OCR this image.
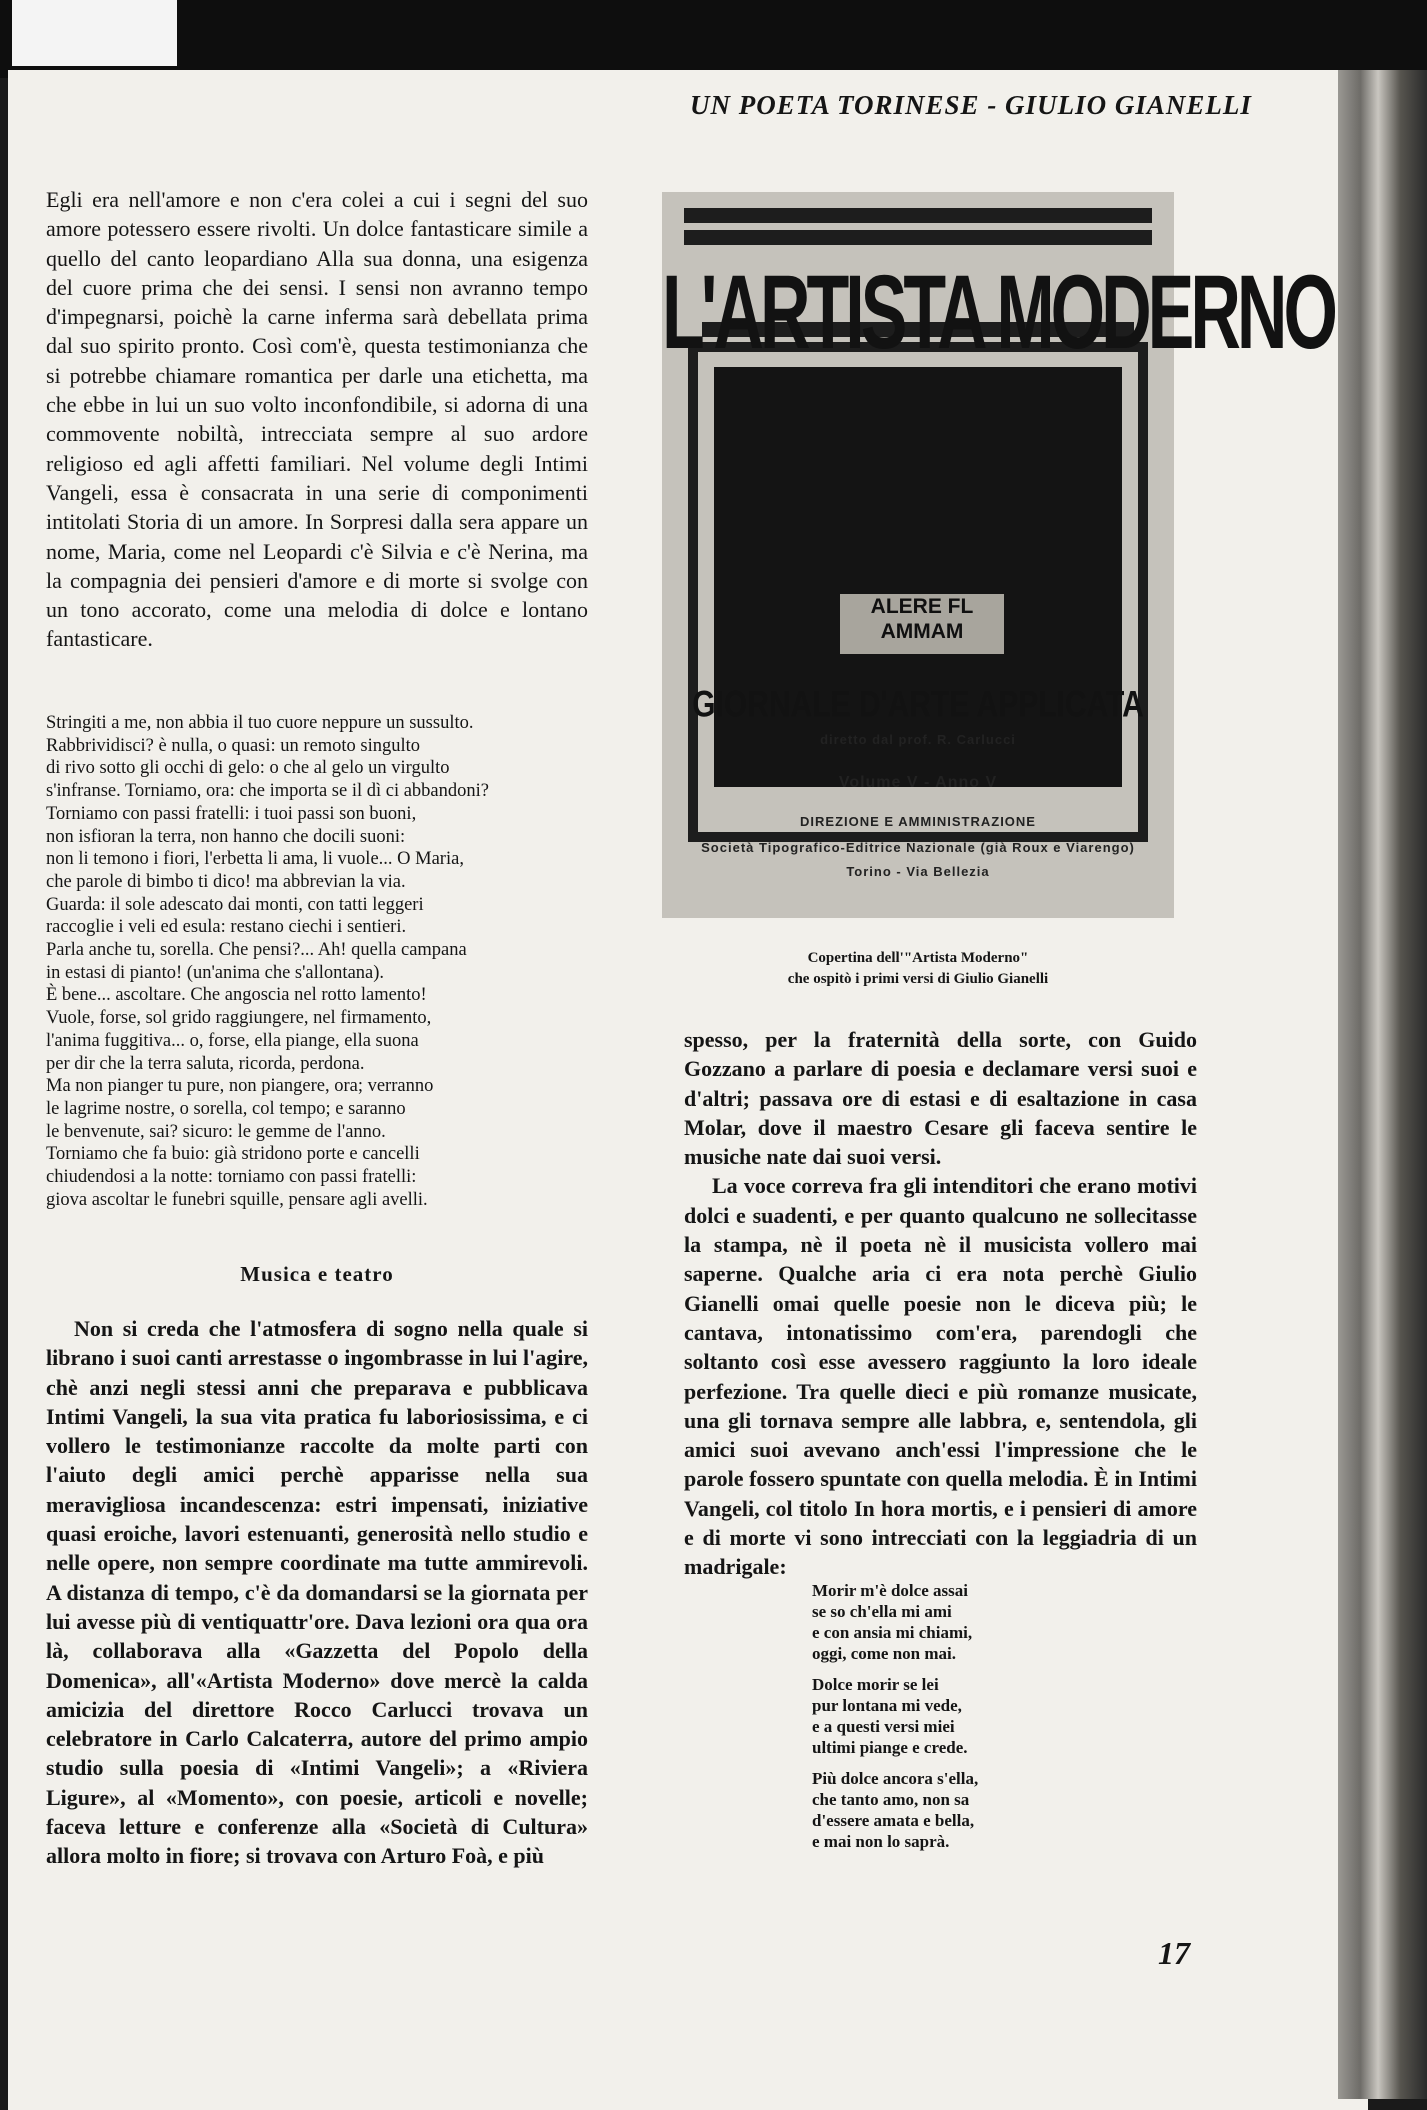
UN POETA TORINESE - GIULIO GIANELLI

Egli era nell'amore e non c'era colei a cui i segni del suo amore potessero essere rivolti. Un dolce fantasticare simile a quello del canto leopardiano Alla sua donna, una esigenza del cuore prima che dei sensi. I sensi non avranno tempo d'impegnarsi, poichè la carne inferma sarà debellata prima dal suo spirito pronto. Così com'è, questa testimonianza che si potrebbe chiamare romantica per darle una etichetta, ma che ebbe in lui un suo volto inconfondibile, si adorna di una commovente nobiltà, intrecciata sempre al suo ardore religioso ed agli affetti familiari. Nel volume degli Intimi Vangeli, essa è consacrata in una serie di componimenti intitolati Storia di un amore. In Sorpresi dalla sera appare un nome, Maria, come nel Leopardi c'è Silvia e c'è Nerina, ma la compagnia dei pensieri d'amore e di morte si svolge con un tono accorato, come una melodia di dolce e lontano fantasticare.

Stringiti a me, non abbia il tuo cuore neppure un sussulto.
Rabbrividisci? è nulla, o quasi: un remoto singulto
di rivo sotto gli occhi di gelo: o che al gelo un virgulto
s'infranse. Torniamo, ora: che importa se il dì ci abbandoni?
Torniamo con passi fratelli: i tuoi passi son buoni,
non isfioran la terra, non hanno che docili suoni:
non li temono i fiori, l'erbetta li ama, li vuole... O Maria,
che parole di bimbo ti dico! ma abbrevian la via.
Guarda: il sole adescato dai monti, con tatti leggeri
raccoglie i veli ed esula: restano ciechi i sentieri.
Parla anche tu, sorella. Che pensi?... Ah! quella campana
in estasi di pianto! (un'anima che s'allontana).
È bene... ascoltare. Che angoscia nel rotto lamento!
Vuole, forse, sol grido raggiungere, nel firmamento,
l'anima fuggitiva... o, forse, ella piange, ella suona
per dir che la terra saluta, ricorda, perdona.
Ma non pianger tu pure, non piangere, ora; verranno
le lagrime nostre, o sorella, col tempo; e saranno
le benvenute, sai? sicuro: le gemme de l'anno.
Torniamo che fa buio: già stridono porte e cancelli
chiudendosi a la notte: torniamo con passi fratelli:
giova ascoltar le funebri squille, pensare agli avelli.
Musica e teatro

Non si creda che l'atmosfera di sogno nella quale si librano i suoi canti arrestasse o ingombrasse in lui l'agire, chè anzi negli stessi anni che preparava e pubblicava Intimi Vangeli, la sua vita pratica fu laboriosissima, e ci vollero le testimonianze raccolte da molte parti con l'aiuto degli amici perchè apparisse nella sua meravigliosa incandescenza: estri impensati, iniziative quasi eroiche, lavori estenuanti, generosità nello studio e nelle opere, non sempre coordinate ma tutte ammirevoli. A distanza di tempo, c'è da domandarsi se la giornata per lui avesse più di ventiquattr'ore. Dava lezioni ora qua ora là, collaborava alla «Gazzetta del Popolo della Domenica», all'«Artista Moderno» dove mercè la calda amicizia del direttore Rocco Carlucci trovava un celebratore in Carlo Calcaterra, autore del primo ampio studio sulla poesia di «Intimi Vangeli»; a «Riviera Ligure», al «Momento», con poesie, articoli e novelle; faceva letture e conferenze alla «Società di Cultura» allora molto in fiore; si trovava con Arturo Foà, e più

L'ARTISTA MODERNO
ALERE FL
AMMAM
GIORNALE D'ARTE APPLICATA
diretto dal prof. R. Carlucci
Volume V - Anno V
DIREZIONE E AMMINISTRAZIONE
Società Tipografico-Editrice Nazionale (già Roux e Viarengo)
Torino - Via Bellezia
Copertina dell'"Artista Moderno"
che ospitò i primi versi di Giulio Gianelli

spesso, per la fraternità della sorte, con Guido Gozzano a parlare di poesia e declamare versi suoi e d'altri; passava ore di estasi e di esaltazione in casa Molar, dove il maestro Cesare gli faceva sentire le musiche nate dai suoi versi.

La voce correva fra gli intenditori che erano motivi dolci e suadenti, e per quanto qualcuno ne sollecitasse la stampa, nè il poeta nè il musicista vollero mai saperne. Qualche aria ci era nota perchè Giulio Gianelli omai quelle poesie non le diceva più; le cantava, intonatissimo com'era, parendogli che soltanto così esse avessero raggiunto la loro ideale perfezione. Tra quelle dieci e più romanze musicate, una gli tornava sempre alle labbra, e, sentendola, gli amici suoi avevano anch'essi l'impressione che le parole fossero spuntate con quella melodia. È in Intimi Vangeli, col titolo In hora mortis, e i pensieri di amore e di morte vi sono intrecciati con la leggiadria di un madrigale:

Morir m'è dolce assai
se so ch'ella mi ami
e con ansia mi chiami,
oggi, come non mai.
Dolce morir se lei
pur lontana mi vede,
e a questi versi miei
ultimi piange e crede.
Più dolce ancora s'ella,
che tanto amo, non sa
d'essere amata e bella,
e mai non lo saprà.
17
